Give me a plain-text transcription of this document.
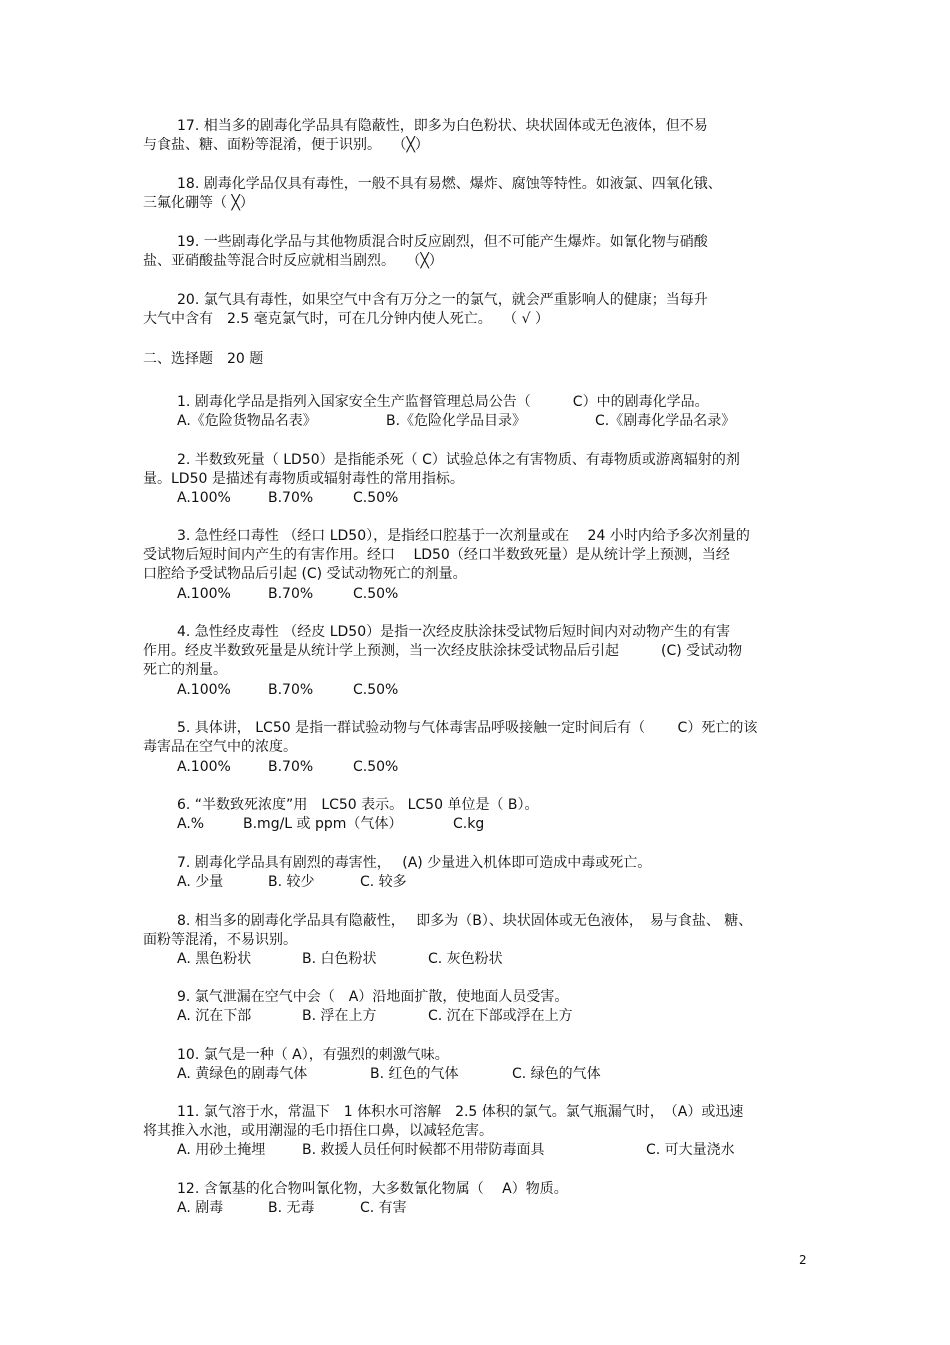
17. 相当多的剧毒化学品具有隐蔽性，即多为白色粉状、块状固体或无色液体，但不易
与食盐、糖、面粉等混淆，便于识别。　 （╳）
18. 剧毒化学品仅具有毒性，一般不具有易燃、爆炸、腐蚀等特性。如液氯、四氧化锇、
三氟化硼等（ ╳）
19. 一些剧毒化学品与其他物质混合时反应剧烈，但不可能产生爆炸。如氰化物与硝酸
盐、亚硝酸盐等混合时反应就相当剧烈。　 （╳）
20. 氯气具有毒性，如果空气中含有万分之一的氯气，就会严重影响人的健康；当每升
大气中含有　2.5 毫克氯气时，可在几分钟内使人死亡。　 （ √ ）
二、选择题　20 题
1. 剧毒化学品是指列入国家安全生产监督管理总局公告（　　　C）中的剧毒化学品。
A.《危险货物品名表》	B.《危险化学品目录》	C.《剧毒化学品名录》
2. 半数致死量（ LD50）是指能杀死（ C）试验总体之有害物质、有毒物质或游离辐射的剂
量。LD50 是描述有毒物质或辐射毒性的常用指标。
A.100%	B.70%	C.50%
3. 急性经口毒性 （经口 LD50），是指经口腔基于一次剂量或在　 24 小时内给予多次剂量的
受试物后短时间内产生的有害作用。经口　 LD50（经口半数致死量）是从统计学上预测，当经
口腔给予受试物品后引起 (C) 受试动物死亡的剂量。
A.100%	B.70%	C.50%
4. 急性经皮毒性 （经皮 LD50）是指一次经皮肤涂抹受试物后短时间内对动物产生的有害
作用。经皮半数致死量是从统计学上预测，当一次经皮肤涂抹受试物品后引起　　　(C) 受试动物
死亡的剂量。
A.100%	B.70%	C.50%
5. 具体讲， LC50 是指一群试验动物与气体毒害品呼吸接触一定时间后有（　　 C）死亡的该
毒害品在空气中的浓度。
A.100%	B.70%	C.50%
6. “半数致死浓度”用　LC50 表示。 LC50 单位是（ B）。
A.%	B.mg/L 或 ppm（气体）	C.kg
7. 剧毒化学品具有剧烈的毒害性，　 (A) 少量进入机体即可造成中毒或死亡。
A. 少量	B. 较少	C. 较多
8. 相当多的剧毒化学品具有隐蔽性，　 即多为（B）、块状固体或无色液体，　易与食盐、 糖、
面粉等混淆，不易识别。
A. 黑色粉状	B. 白色粉状	C. 灰色粉状
9. 氯气泄漏在空气中会（　A）沿地面扩散，使地面人员受害。
A. 沉在下部	B. 浮在上方	C. 沉在下部或浮在上方
10. 氯气是一种（ A），有强烈的刺激气味。
A. 黄绿色的剧毒气体	B. 红色的气体	C. 绿色的气体
11. 氯气溶于水，常温下　1 体积水可溶解　2.5 体积的氯气。氯气瓶漏气时，　（A）或迅速
将其推入水池，或用潮湿的毛巾捂住口鼻，以减轻危害。
A. 用砂土掩埋	B. 救援人员任何时候都不用带防毒面具	C. 可大量浇水
12. 含氰基的化合物叫氰化物，大多数氰化物属（　 A）物质。
A. 剧毒	B. 无毒	C. 有害
2
